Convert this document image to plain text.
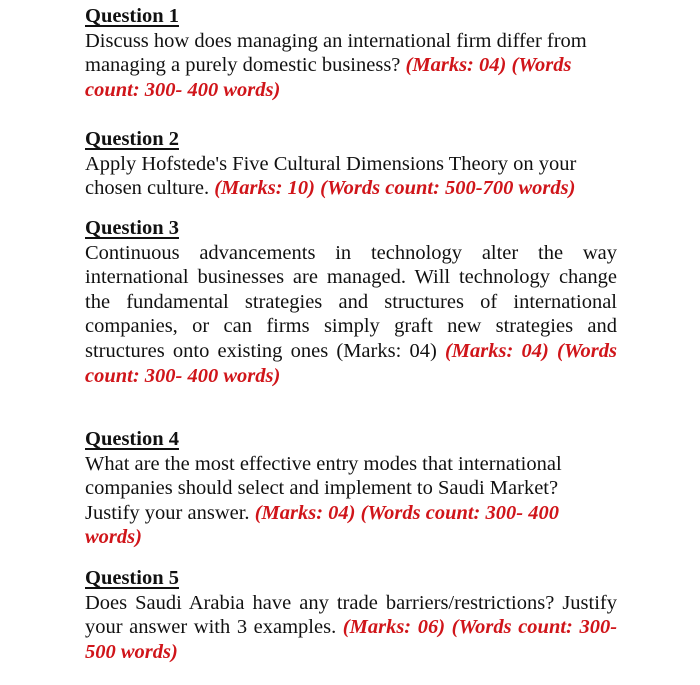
Question 1
Discuss how does managing an international firm differ from managing a purely domestic business? (Marks: 04) (Words count: 300- 400 words)
Question 2
Apply Hofstede's Five Cultural Dimensions Theory on your chosen culture. (Marks: 10) (Words count: 500-700 words)
Question 3
Continuous advancements in technology alter the way international businesses are managed. Will technology change the fundamental strategies and structures of international companies, or can firms simply graft new strategies and structures onto existing ones (Marks: 04) (Marks: 04) (Words count: 300- 400 words)
Question 4
What are the most effective entry modes that international companies should select and implement to Saudi Market? Justify your answer. (Marks: 04) (Words count: 300- 400 words)
Question 5
Does Saudi Arabia have any trade barriers/restrictions? Justify your answer with 3 examples. (Marks: 06) (Words count: 300- 500 words)
